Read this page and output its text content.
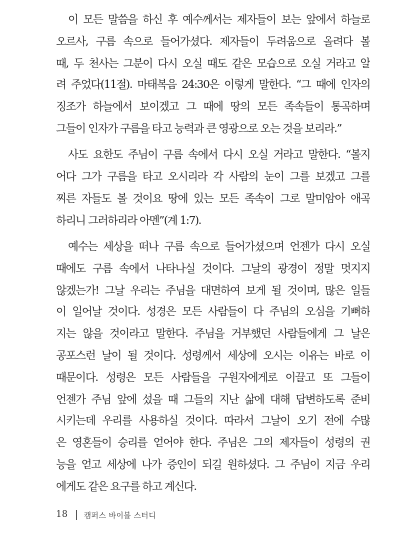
이 모든 말씀을 하신 후 예수께서는 제자들이 보는 앞에서 하늘로
오르사, 구름 속으로 들어가셨다. 제자들이 두려움으로 올려다 볼
때, 두 천사는 그분이 다시 오실 때도 같은 모습으로 오실 거라고 알
려 주었다(11절). 마태복음 24:30은 이렇게 말한다. “그 때에 인자의
징조가 하늘에서 보이겠고 그 때에 땅의 모든 족속들이 통곡하며
그들이 인자가 구름을 타고 능력과 큰 영광으로 오는 것을 보리라.”

사도 요한도 주님이 구름 속에서 다시 오실 거라고 말한다. “볼지
어다 그가 구름을 타고 오시리라 각 사람의 눈이 그를 보겠고 그를
찌른 자들도 볼 것이요 땅에 있는 모든 족속이 그로 말미암아 애곡
하리니 그러하리라 아멘”(계 1:7).

예수는 세상을 떠나 구름 속으로 들어가셨으며 언젠가 다시 오실
때에도 구름 속에서 나타나실 것이다. 그날의 광경이 정말 멋지지
않겠는가! 그날 우리는 주님을 대면하여 보게 될 것이며, 많은 일들
이 일어날 것이다. 성경은 모든 사람들이 다 주님의 오심을 기뻐하
지는 않을 것이라고 말한다. 주님을 거부했던 사람들에게 그 날은
공포스런 날이 될 것이다. 성령께서 세상에 오시는 이유는 바로 이
때문이다. 성령은 모든 사람들을 구원자에게로 이끌고 또 그들이
언젠가 주님 앞에 섰을 때 그들의 지난 삶에 대해 답변하도록 준비
시키는데 우리를 사용하실 것이다. 따라서 그날이 오기 전에 수많
은 영혼들이 승리를 얻어야 한다. 주님은 그의 제자들이 성령의 권
능을 얻고 세상에 나가 증인이 되길 원하셨다. 그 주님이 지금 우리
에게도 같은 요구를 하고 계신다.

18 캠퍼스 바이블 스터디
